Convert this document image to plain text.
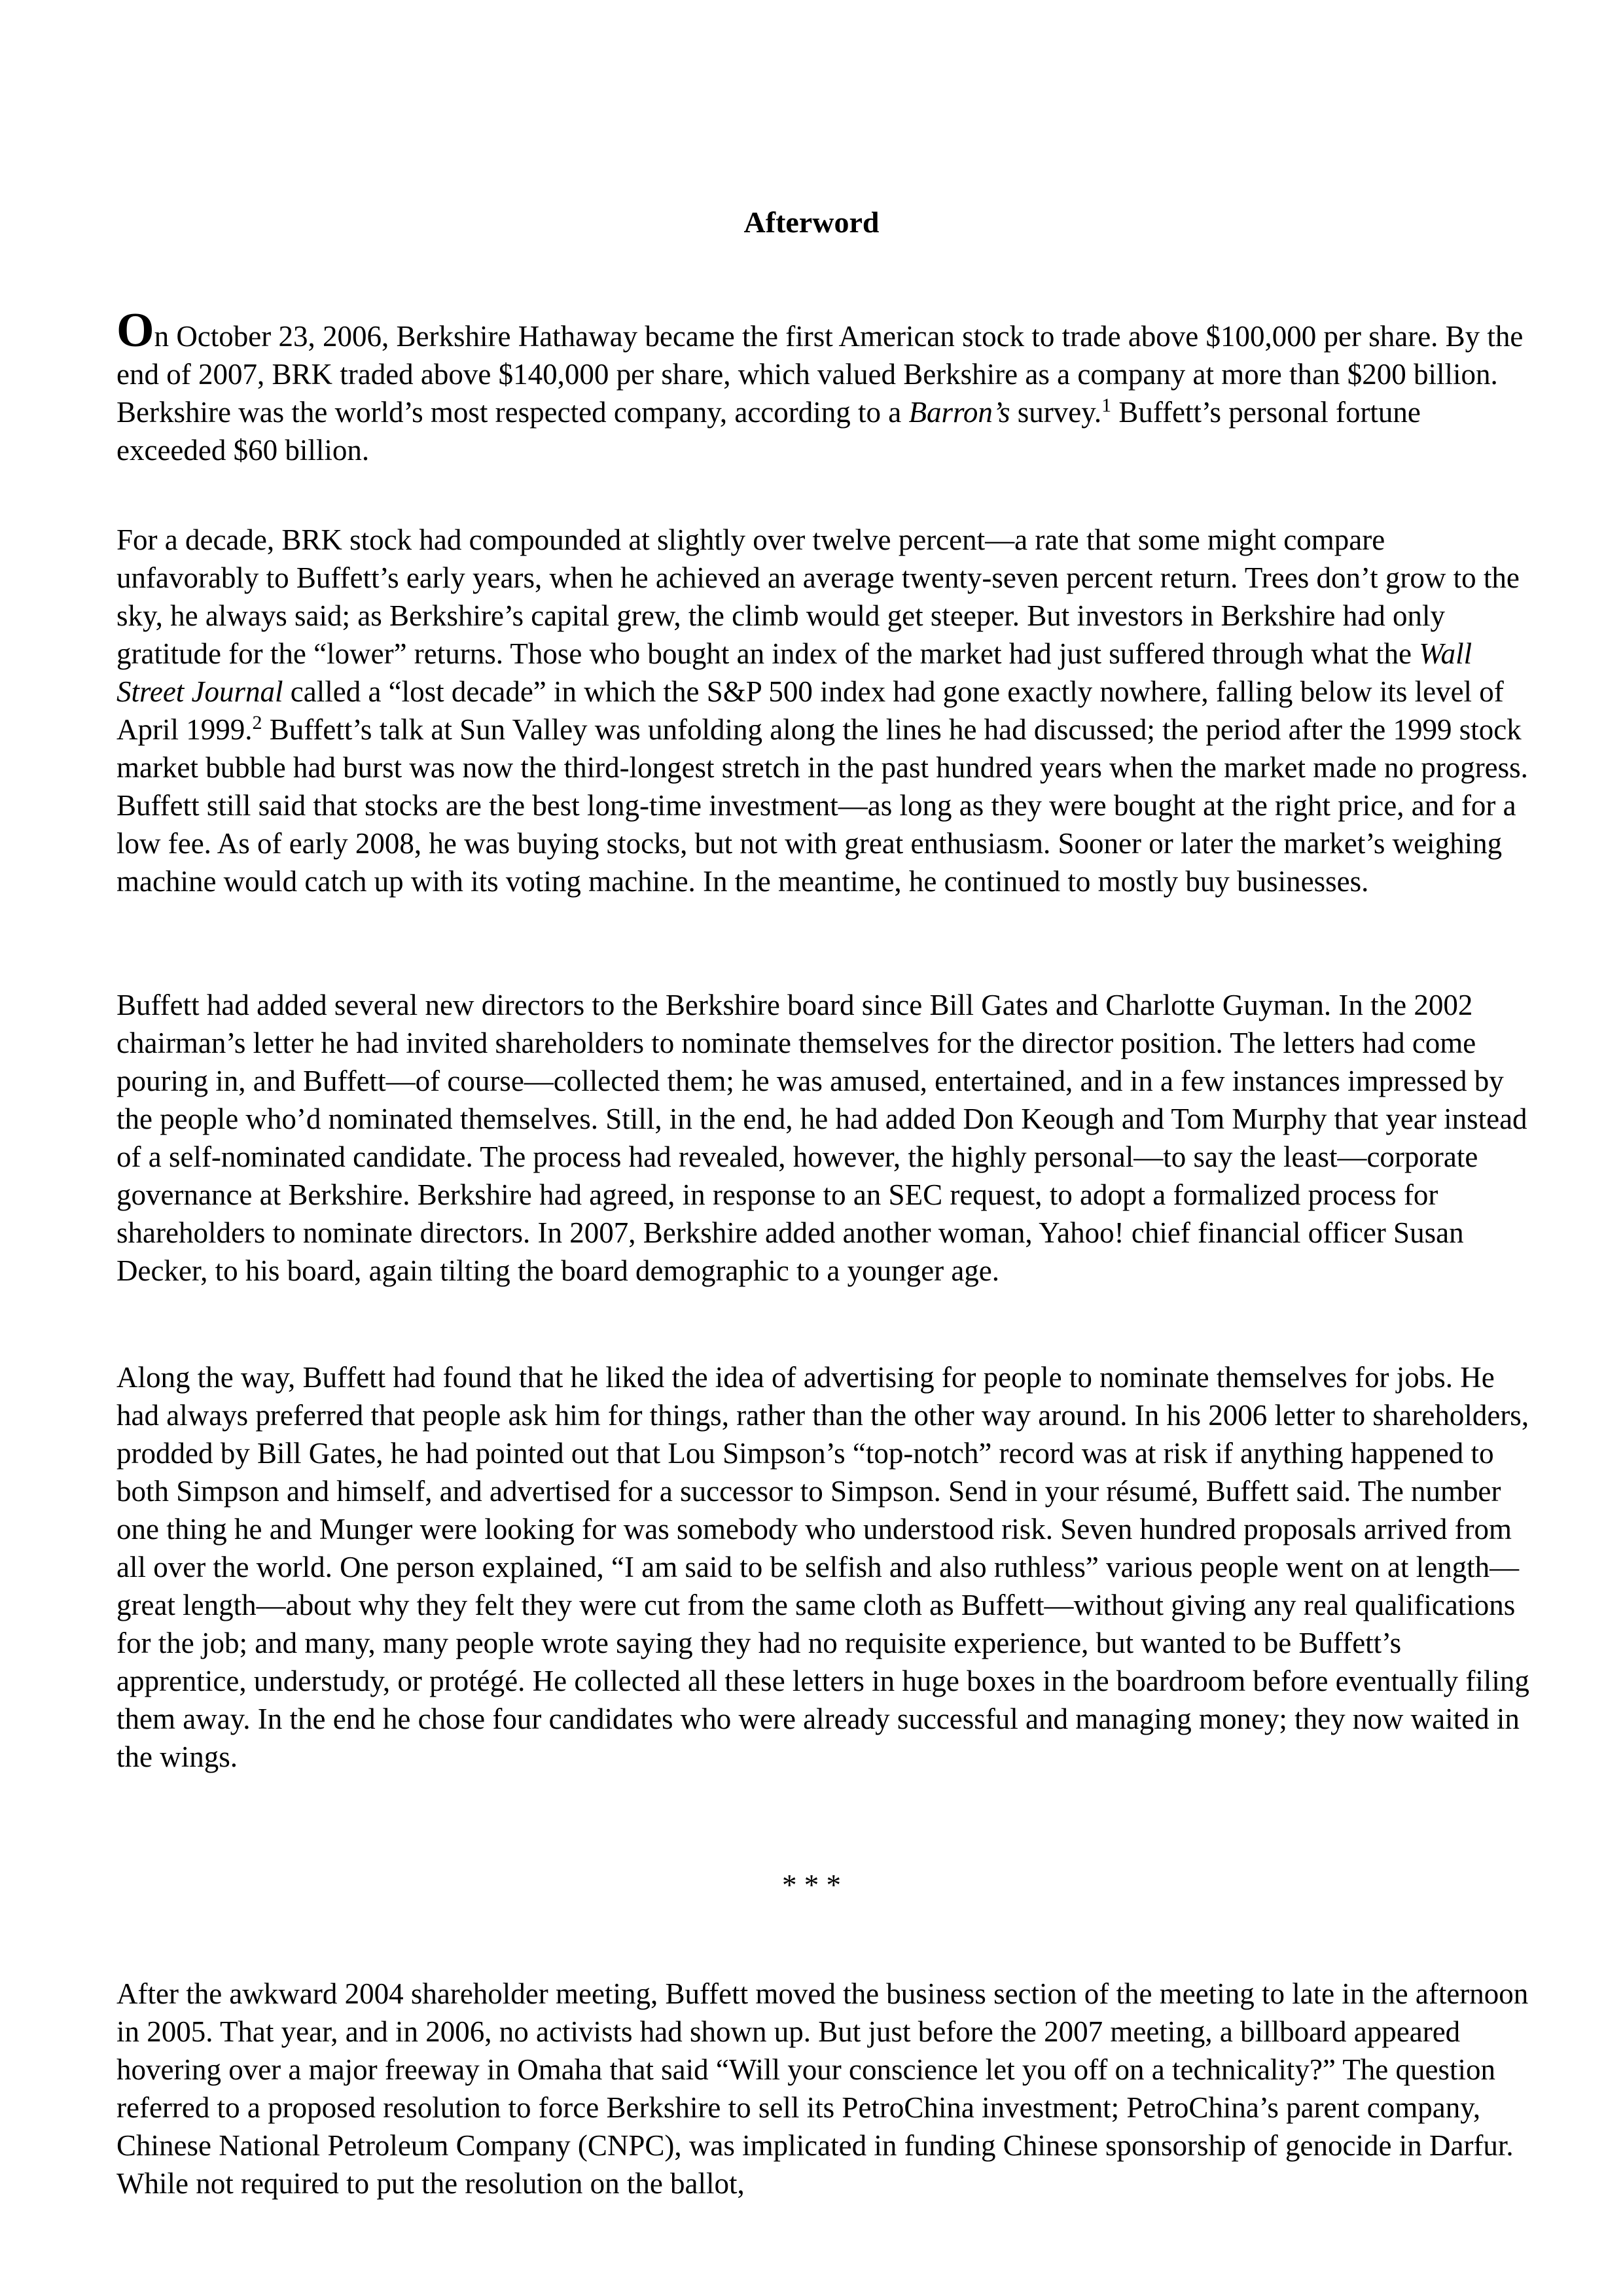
Afterword

On October 23, 2006, Berkshire Hathaway became the first American stock to trade above $100,000 per share. By the end of 2007, BRK traded above $140,000 per share, which valued Berkshire as a company at more than $200 billion. Berkshire was the world’s most respected company, according to a Barron’s survey.$^1$ Buffett’s personal fortune exceeded $60 billion.

For a decade, BRK stock had compounded at slightly over twelve percent—a rate that some might compare unfavorably to Buffett’s early years, when he achieved an average twenty-seven percent return. Trees don’t grow to the sky, he always said; as Berkshire’s capital grew, the climb would get steeper. But investors in Berkshire had only gratitude for the “lower” returns. Those who bought an index of the market had just suffered through what the Wall Street Journal called a “lost decade” in which the S&P 500 index had gone exactly nowhere, falling below its level of April 1999.$^2$ Buffett’s talk at Sun Valley was unfolding along the lines he had discussed; the period after the 1999 stock market bubble had burst was now the third-longest stretch in the past hundred years when the market made no progress. Buffett still said that stocks are the best long-time investment—as long as they were bought at the right price, and for a low fee. As of early 2008, he was buying stocks, but not with great enthusiasm. Sooner or later the market’s weighing machine would catch up with its voting machine. In the meantime, he continued to mostly buy businesses.

Buffett had added several new directors to the Berkshire board since Bill Gates and Charlotte Guyman. In the 2002 chairman’s letter he had invited shareholders to nominate themselves for the director position. The letters had come pouring in, and Buffett—of course—collected them; he was amused, entertained, and in a few instances impressed by the people who’d nominated themselves. Still, in the end, he had added Don Keough and Tom Murphy that year instead of a self-nominated candidate. The process had revealed, however, the highly personal—to say the least—corporate governance at Berkshire. Berkshire had agreed, in response to an SEC request, to adopt a formalized process for shareholders to nominate directors. In 2007, Berkshire added another woman, Yahoo! chief financial officer Susan Decker, to his board, again tilting the board demographic to a younger age.

Along the way, Buffett had found that he liked the idea of advertising for people to nominate themselves for jobs. He had always preferred that people ask him for things, rather than the other way around. In his 2006 letter to shareholders, prodded by Bill Gates, he had pointed out that Lou Simpson’s “top-notch” record was at risk if anything happened to both Simpson and himself, and advertised for a successor to Simpson. Send in your résumé, Buffett said. The number one thing he and Munger were looking for was somebody who understood risk. Seven hundred proposals arrived from all over the world. One person explained, “I am said to be selfish and also ruthless” various people went on at length—great length—about why they felt they were cut from the same cloth as Buffett—without giving any real qualifications for the job; and many, many people wrote saying they had no requisite experience, but wanted to be Buffett’s apprentice, understudy, or protégé. He collected all these letters in huge boxes in the boardroom before eventually filing them away. In the end he chose four candidates who were already successful and managing money; they now waited in the wings.

* * *

After the awkward 2004 shareholder meeting, Buffett moved the business section of the meeting to late in the afternoon in 2005. That year, and in 2006, no activists had shown up. But just before the 2007 meeting, a billboard appeared hovering over a major freeway in Omaha that said “Will your conscience let you off on a technicality?” The question referred to a proposed resolution to force Berkshire to sell its PetroChina investment; PetroChina’s parent company, Chinese National Petroleum Company (CNPC), was implicated in funding Chinese sponsorship of genocide in Darfur. While not required to put the resolution on the ballot,
